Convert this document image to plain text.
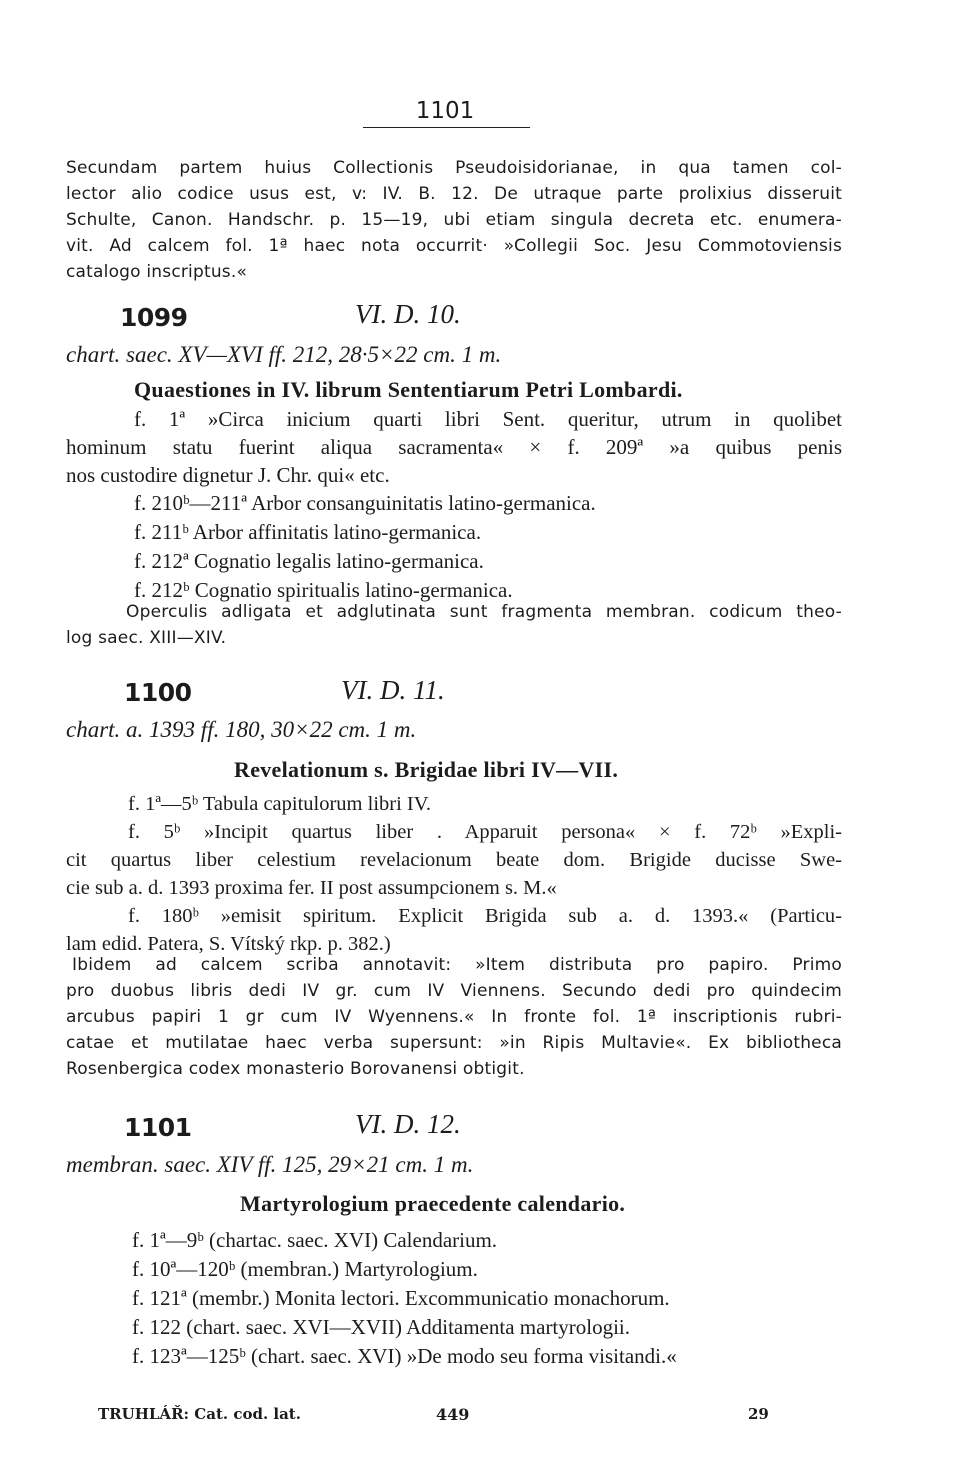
1101
Secundam partem huius Collectionis Pseudoisidorianae, in qua tamen col-
lector alio codice usus est, v: IV. B. 12. De utraque parte prolixius disseruit
Schulte, Canon. Handschr. p. 15—19, ubi etiam singula decreta etc. enumera-
vit. Ad calcem fol. 1ª haec nota occurrit· »Collegii Soc. Jesu Commotoviensis
catalogo inscriptus.«
1099	VI. D. 10.
chart. saec. XV—XVI ff. 212, 28·5×22 cm. 1 m.
Quaestiones in IV. librum Sententiarum Petri Lombardi.
f. 1ª »Circa inicium quarti libri Sent. queritur, utrum in quolibet
hominum statu fuerint aliqua sacramenta« × f. 209ª »a quibus penis
nos custodire dignetur J. Chr. qui« etc.
f. 210ᵇ—211ª Arbor consanguinitatis latino-germanica.
f. 211ᵇ Arbor affinitatis latino-germanica.
f. 212ª Cognatio legalis latino-germanica.
f. 212ᵇ Cognatio spiritualis latino-germanica.
Operculis adligata et adglutinata sunt fragmenta membran. codicum theo-
log saec. XIII—XIV.
1100	VI. D. 11.
chart. a. 1393 ff. 180, 30×22 cm. 1 m.
Revelationum s. Brigidae libri IV—VII.
f. 1ª—5ᵇ Tabula capitulorum libri IV.
f. 5ᵇ »Incipit quartus liber . Apparuit persona« × f. 72ᵇ »Expli-
cit quartus liber celestium revelacionum beate dom. Brigide ducisse Swe-
cie sub a. d. 1393 proxima fer. II post assumpcionem s. M.«
f. 180ᵇ »emisit spiritum. Explicit Brigida sub a. d. 1393.« (Particu-
lam edid. Patera, S. Vítský rkp. p. 382.)
Ibidem ad calcem scriba annotavit: »Item distributa pro papiro. Primo
pro duobus libris dedi IV gr. cum IV Viennens. Secundo dedi pro quindecim
arcubus papiri 1 gr cum IV Wyennens.« In fronte fol. 1ª inscriptionis rubri-
catae et mutilatae haec verba supersunt: »in Ripis Multavie«. Ex bibliotheca
Rosenbergica codex monasterio Borovanensi obtigit.
1101	VI. D. 12.
membran. saec. XIV ff. 125, 29×21 cm. 1 m.
Martyrologium praecedente calendario.
f. 1ª—9ᵇ (chartac. saec. XVI) Calendarium.
f. 10ª—120ᵇ (membran.) Martyrologium.
f. 121ª (membr.) Monita lectori. Excommunicatio monachorum.
f. 122 (chart. saec. XVI—XVII) Additamenta martyrologii.
f. 123ª—125ᵇ (chart. saec. XVI) »De modo seu forma visitandi.«
TRUHLÁŘ: Cat. cod. lat.	449	29
